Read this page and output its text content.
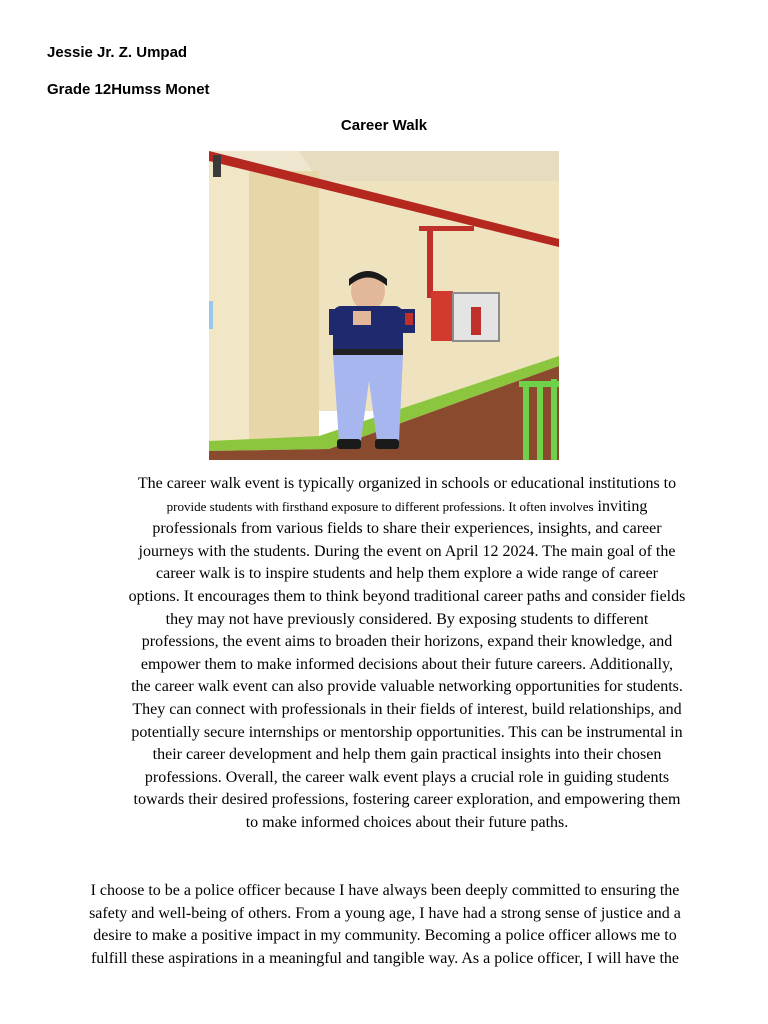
Jessie Jr. Z. Umpad
Grade 12Humss Monet
Career Walk
The career walk event is typically organized in schools or educational institutions to
provide students with firsthand exposure to different professions. It often involves inviting
professionals from various fields to share their experiences, insights, and career
journeys with the students. During the event on April 12 2024. The main goal of the
career walk is to inspire students and help them explore a wide range of career
options. It encourages them to think beyond traditional career paths and consider fields
they may not have previously considered. By exposing students to different
professions, the event aims to broaden their horizons, expand their knowledge, and
empower them to make informed decisions about their future careers. Additionally,
the career walk event can also provide valuable networking opportunities for students.
They can connect with professionals in their fields of interest, build relationships, and
potentially secure internships or mentorship opportunities. This can be instrumental in
their career development and help them gain practical insights into their chosen
professions. Overall, the career walk event plays a crucial role in guiding students
towards their desired professions, fostering career exploration, and empowering them
to make informed choices about their future paths.
I choose to be a police officer because I have always been deeply committed to ensuring the
safety and well-being of others. From a young age, I have had a strong sense of justice and a
desire to make a positive impact in my community. Becoming a police officer allows me to
fulfill these aspirations in a meaningful and tangible way. As a police officer, I will have the
